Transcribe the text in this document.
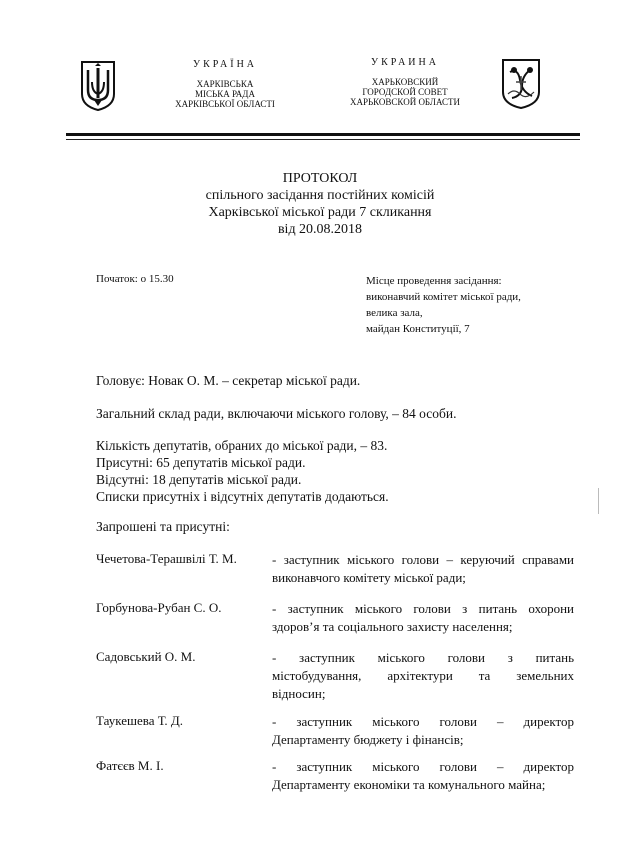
УКРАЇНА
ХАРКІВСЬКА
МІСЬКА РАДА
ХАРКІВСЬКОЇ ОБЛАСТІ
УКРАИНА
ХАРЬКОВСКИЙ
ГОРОДСКОЙ СОВЕТ
ХАРЬКОВСКОЙ ОБЛАСТИ
ПРОТОКОЛ
спільного засідання постійних комісій
Харківської міської ради 7 скликання
від 20.08.2018
Початок: о 15.30	Місце проведення засідання:
виконавчий комітет міської ради,
велика зала,
майдан Конституції, 7
Головує: Новак О. М. – секретар міської ради.
Загальний склад ради, включаючи міського голову, – 84 особи.
Кількість депутатів, обраних до міської ради, – 83.
Присутні: 65 депутатів міської ради.
Відсутні: 18 депутатів міської ради.
Списки присутніх і відсутніх депутатів додаються.
Запрошені та присутні:
Чечетова-Терашвілі Т. М.	- заступник міського голови – керуючий справами
виконавчого комітету міської ради;
Горбунова-Рубан С. О.	- заступник міського голови з питань охорони
здоров’я та соціального захисту населення;
Садовський О. М.	- заступник міського голови з питань
містобудування, архітектури та земельних
відносин;
Таукешева Т. Д.	- заступник міського голови – директор
Департаменту бюджету і фінансів;
Фатєєв М. І.	- заступник міського голови – директор
Департаменту економіки та комунального майна;
